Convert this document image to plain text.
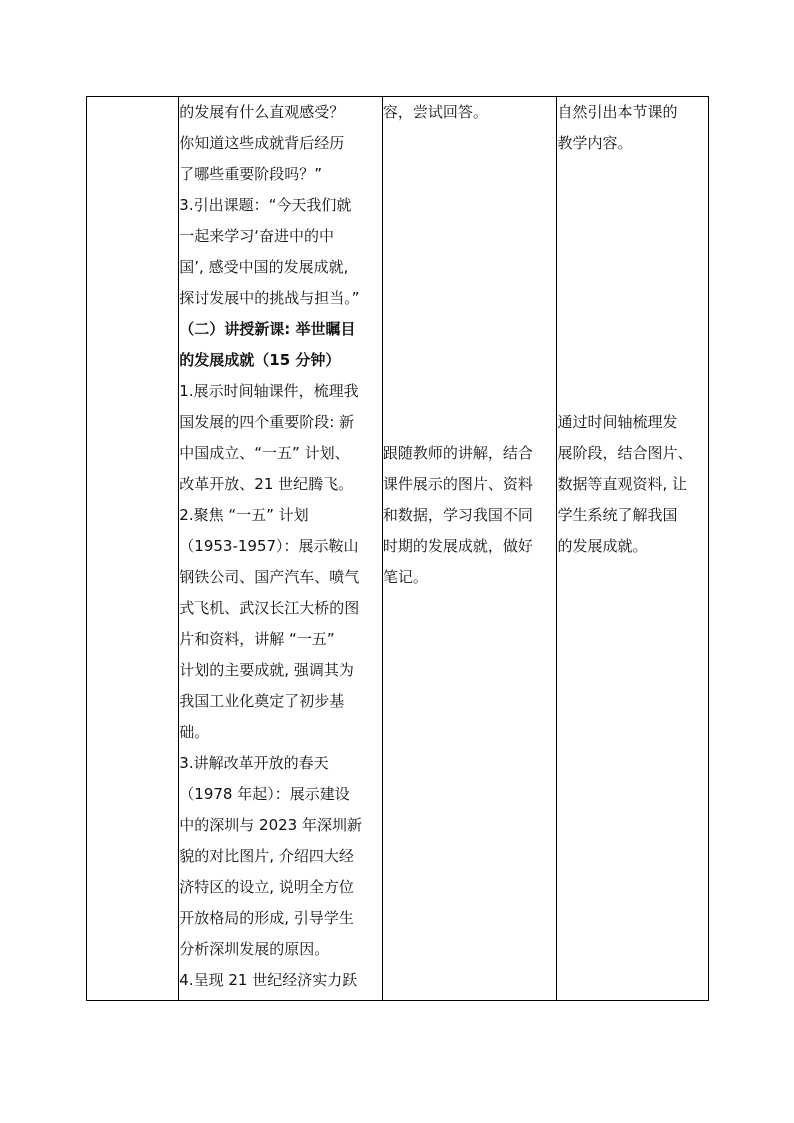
的发展有什么直观感受？
你知道这些成就背后经历
了哪些重要阶段吗？”
3.引出课题：“今天我们就
一起来学习‘奋进中的中
国’, 感受中国的发展成就,
探讨发展中的挑战与担当。”
（二）讲授新课: 举世瞩目
的发展成就（15 分钟）
1.展示时间轴课件，梳理我
国发展的四个重要阶段: 新
中国成立、“一五” 计划、
改革开放、21 世纪腾飞。
2.聚焦 “一五” 计划
（1953-1957）：展示鞍山
钢铁公司、国产汽车、喷气
式飞机、武汉长江大桥的图
片和资料，讲解 “一五”
计划的主要成就, 强调其为
我国工业化奠定了初步基
础。
3.讲解改革开放的春天
（1978 年起）：展示建设
中的深圳与 2023 年深圳新
貌的对比图片, 介绍四大经
济特区的设立, 说明全方位
开放格局的形成, 引导学生
分析深圳发展的原因。
4.呈现 21 世纪经济实力跃

容，尝试回答。
跟随教师的讲解，结合
课件展示的图片、资料
和数据，学习我国不同
时期的发展成就，做好
笔记。

自然引出本节课的
教学内容。
通过时间轴梳理发
展阶段，结合图片、
数据等直观资料, 让
学生系统了解我国
的发展成就。
